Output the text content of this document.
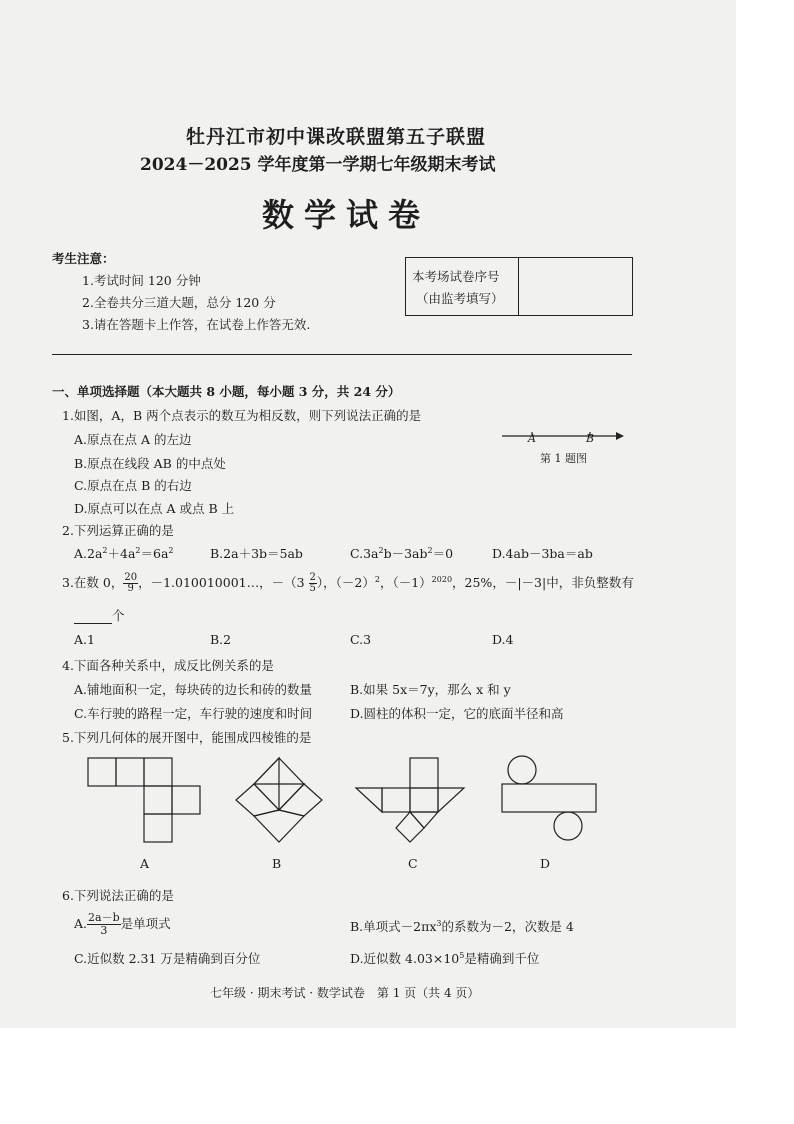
牡丹江市初中课改联盟第五子联盟
2024－2025 学年度第一学期七年级期末考试
数学试卷
考生注意：
1.考试时间 120 分钟
2.全卷共分三道大题，总分 120 分
3.请在答题卡上作答，在试卷上作答无效.
本考场试卷序号
（由监考填写）
一、单项选择题（本大题共 8 小题，每小题 3 分，共 24 分）
1.如图，A，B 两个点表示的数互为相反数，则下列说法正确的是
A.原点在点 A 的左边
B.原点在线段 AB 的中点处
C.原点在点 B 的右边
D.原点可以在点 A 或点 B 上
A	B
第 1 题图
2.下列运算正确的是
$A.2a^2+4a^2=6a^2$	B.2a＋3b＝5ab	$C.3a^2b-3ab^2=0$	D.4ab－3ba＝ab
3.在数 0， $\frac{20}{9}$ ，－1.010010001…，$-(3 \frac{2}{5}$ ），$(-2)^2$，$(-1)^{2020}$，25%，－|－3|中，非负整数有
个
A.1	B.2	C.3	D.4
4.下面各种关系中，成反比例关系的是
A.铺地面积一定，每块砖的边长和砖的数量	B.如果 5x＝7y，那么 x 和 y
C.车行驶的路程一定，车行驶的速度和时间	D.圆柱的体积一定，它的底面半径和高
5.下列几何体的展开图中，能围成四棱锥的是
A	B	C	D
6.下列说法正确的是
A. $\frac{2a-b}{3}$ 是单项式	B.单项式$-2\pi x^3$的系数为－2，次数是 4
C.近似数 2.31 万是精确到百分位	D.近似数 $4.03\times 10^5$是精确到千位
七年级 · 期末考试 · 数学试卷　第 1 页（共 4 页）
